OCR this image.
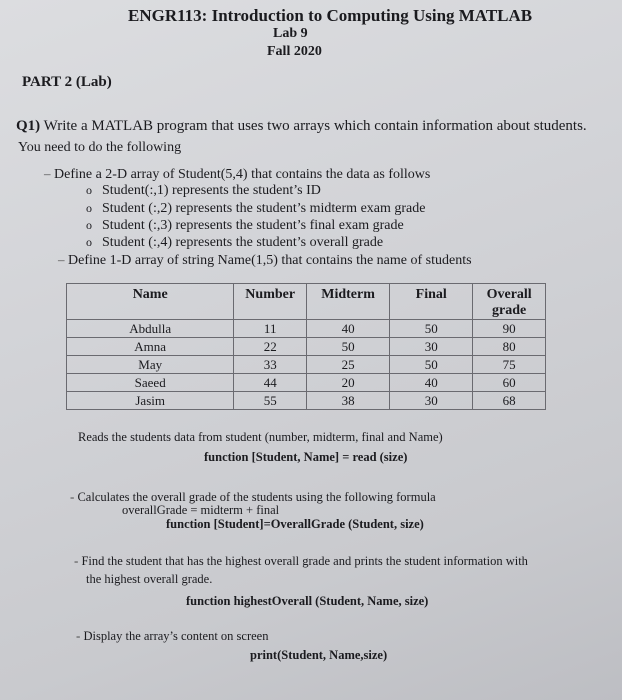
ENGR113: Introduction to Computing Using MATLAB
Lab 9
Fall 2020
PART 2 (Lab)
Q1) Write a MATLAB program that uses two arrays which contain information about students.
You need to do the following
– Define a 2-D array of Student(5,4) that contains the data as follows
o Student(:,1) represents the student’s ID
o Student (:,2) represents the student’s midterm exam grade
o Student (:,3) represents the student’s final exam grade
o Student (:,4) represents the student’s overall grade
– Define 1-D array of string Name(1,5) that contains the name of students
Name	Number	Midterm	Final	Overall grade
Abdulla	11	40	50	90
Amna	22	50	30	80
May	33	25	50	75
Saeed	44	20	40	60
Jasim	55	38	30	68
Reads the students data from student (number, midterm, final and Name)
function [Student, Name] = read (size)
- Calculates the overall grade of the students using the following formula
overallGrade = midterm + final
function [Student]=OverallGrade (Student, size)
- Find the student that has the highest overall grade and prints the student information with
the highest overall grade.
function highestOverall (Student, Name, size)
- Display the array’s content on screen
print(Student, Name,size)
